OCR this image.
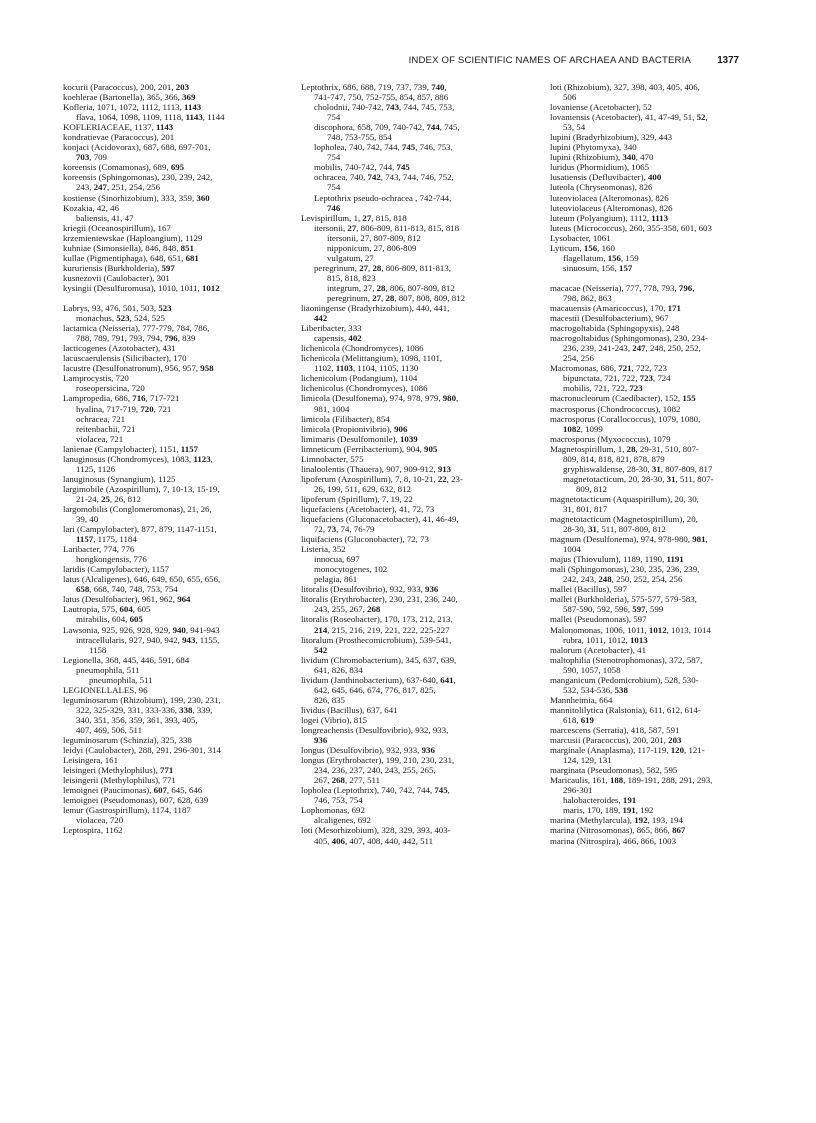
INDEX OF SCIENTIFIC NAMES OF ARCHAEA AND BACTERIA	1377
kocurii (Paracoccus), 200, 201, 203
koehlerae (Bartonella), 365, 366, 369
Kofleria, 1071, 1072, 1112, 1113, 1143
flava, 1064, 1098, 1109, 1118, 1143, 1144
KOFLERIACEAE, 1137, 1143
kondratievae (Paracoccus), 201
konjaci (Acidovorax), 687, 688, 697-701,
703, 709
koreensis (Comamonas), 689, 695
koreensis (Sphingomonas), 230, 239, 242,
243, 247, 251, 254, 256
kostiense (Sinorhizobium), 333, 359, 360
Kozakia, 42, 46
baliensis, 41, 47
kriegii (Oceanospirillum), 167
krzemieniewskae (Haploangium), 1129
kuhniae (Simonsiella), 846, 848, 851
kullae (Pigmentiphaga), 648, 651, 681
kururiensis (Burkholderia), 597
kusnezovii (Caulobacter), 301
kysingii (Desulfuromusa), 1010, 1011, 1012
Labrys, 93, 476, 501, 503, 523
monachus, 523, 524, 525
lactamica (Neisseria), 777-779, 784, 786,
788, 789, 791, 793, 794, 796, 839
lacticogenes (Azotobacter), 431
lacuscaerulensis (Silicibacter), 170
lacustre (Desulfonatronum), 956, 957, 958
Lamprocystis, 720
roseopersicina, 720
Lampropedia, 686, 716, 717-721
hyalina, 717-719, 720, 721
ochracea, 721
reitenbachii, 721
violacea, 721
lanienae (Campylobacter), 1151, 1157
lanuginosus (Chondromyces), 1083, 1123,
1125, 1126
lanuginosus (Synangium), 1125
largimobile (Azospirillum), 7, 10-13, 15-19,
21-24, 25, 26, 812
largomobilis (Conglomeromonas), 21, 26,
39, 40
lari (Campylobacter), 877, 879, 1147-1151,
1157, 1175, 1184
Laribacter, 774, 776
hongkongensis, 776
laridis (Campylobacter), 1157
latus (Alcaligenes), 646, 649, 650, 655, 656,
658, 668, 740, 748, 753, 754
latus (Desulfobacter), 961, 962, 964
Lautropia, 575, 604, 605
mirabilis, 604, 605
Lawsonia, 925, 926, 928, 929, 940, 941-943
intracellularis, 927, 940, 942, 943, 1155,
1158
Legionella, 368, 445, 446, 591, 684
pneumophila, 511
pneumophila, 511
LEGIONELLALES, 96
leguminosarum (Rhizobium), 199, 230, 231,
322, 325-329, 331, 333-336, 338, 339,
340, 351, 356, 359, 361, 393, 405,
407, 469, 506, 511
leguminosarum (Schinzia), 325, 338
leidyi (Caulobacter), 288, 291, 296-301, 314
Leisingera, 161
leisingeri (Methylophilus), 771
leisingerii (Methylophilus), 771
lemoignei (Paucimonas), 607, 645, 646
lemoignei (Pseudomonas), 607, 628, 639
lemur (Gastrospirillum), 1174, 1187
violacea, 720
Leptospira, 1162
Leptothrix, 686, 688, 719, 737, 739, 740,
741-747, 750, 752-755, 854, 857, 886
cholodnii, 740-742, 743, 744, 745, 753,
754
discophora, 658, 709, 740-742, 744, 745,
748, 753-755, 854
lopholea, 740, 742, 744, 745, 746, 753,
754
mobilis, 740-742, 744, 745
ochracea, 740, 742, 743, 744, 746, 752,
754
Leptothrix pseudo-ochracea , 742-744,
746
Levispirillum, 1, 27, 815, 818
itersonii, 27, 806-809, 811-813, 815, 818
itersonii, 27, 807-809, 812
nipponicum, 27, 806-809
vulgatum, 27
peregrinum, 27, 28, 806-809, 811-813,
815, 818, 823
integrum, 27, 28, 806, 807-809, 812
peregrinum, 27, 28, 807, 808, 809, 812
liaoningense (Bradyrhizobium), 440, 441,
442
Liberibacter, 333
capensis, 402
lichenicola (Chondromyces), 1086
lichenicola (Melittangium), 1098, 1101,
1102, 1103, 1104, 1105, 1130
lichenicolum (Podangium), 1104
lichenicolus (Chondromyces), 1086
limicola (Desulfonema), 974, 978, 979, 980,
981, 1004
limicola (Filibacter), 854
limicola (Propionivibrio), 906
limimaris (Desulfomonile), 1039
limneticum (Ferribacterium), 904, 905
Limnobacter, 575
linaloolentis (Thauera), 907, 909-912, 913
lipoferum (Azospirillum), 7, 8, 10-21, 22, 23-
26, 199, 511, 629, 632, 812
lipoferum (Spirillum), 7, 19, 22
liquefaciens (Acetobacter), 41, 72, 73
liquefaciens (Gluconacetobacter), 41, 46-49,
72, 73, 74, 76-79
liquifaciens (Gluconobacter), 72, 73
Listeria, 352
innocua, 697
monocytogenes, 102
pelagia, 861
litoralis (Desulfovibrio), 932, 933, 936
litoralis (Erythrobacter), 230, 231, 236, 240,
243, 255, 267, 268
litoralis (Roseobacter), 170, 173, 212, 213,
214, 215, 216, 219, 221, 222, 225-227
litoralum (Prosthecomicrobium), 539-541,
542
lividum (Chromobacterium), 345, 637, 639,
641, 826, 834
lividum (Janthinobacterium), 637-640, 641,
642, 645, 646, 674, 776, 817, 825,
826, 835
lividus (Bacillus), 637, 641
logei (Vibrio), 815
longreachensis (Desulfovibrio), 932, 933,
936
longus (Desulfovibrio), 932, 933, 936
longus (Erythrobacter), 199, 210, 230, 231,
234, 236, 237, 240, 243, 255, 265,
267, 268, 277, 511
lopholea (Leptothrix), 740, 742, 744, 745,
746, 753, 754
Lophomonas, 692
alcaligenes, 692
loti (Mesorhizobium), 328, 329, 393, 403-
405, 406, 407, 408, 440, 442, 511
loti (Rhizobium), 327, 398, 403, 405, 406,
506
lovaniense (Acetobacter), 52
lovaniensis (Acetobacter), 41, 47-49, 51, 52,
53, 54
lupini (Bradyrhizobium), 329, 443
lupini (Phytomyxa), 340
lupini (Rhizobium), 340, 470
luridus (Phormidium), 1065
lusatiensis (Defluvibacter), 400
luteola (Chryseomonas), 826
luteoviolacea (Alteromonas), 826
luteoviolaceus (Alteromonas), 826
luteum (Polyangium), 1112, 1113
luteus (Micrococcus), 260, 355-358, 601, 603
Lysobacter, 1061
Lyticum, 156, 160
flagellatum, 156, 159
sinuosum, 156, 157
macacae (Neisseria), 777, 778, 793, 796,
798, 862, 863
macauensis (Amaricoccus), 170, 171
macestii (Desulfobacterium), 967
macrogoltabida (Sphingopyxis), 248
macrogoltabidus (Sphingomonas), 230, 234-
236, 239, 241-243, 247, 248, 250, 252,
254, 256
Macromonas, 686, 721, 722, 723
bipunctata, 721, 722, 723, 724
mobilis, 721, 722, 723
macronucleorum (Caedibacter), 152, 155
macrosporus (Chondrococcus), 1082
macrosporus (Corallococcus), 1079, 1080,
1082, 1099
macrosporus (Myxococcus), 1079
Magnetospirillum, 1, 28, 29-31, 510, 807-
809, 814, 818, 821, 878, 879
gryphiswaldense, 28-30, 31, 807-809, 817
magnetotacticum, 20, 28-30, 31, 511, 807-
809, 812
magnetotacticum (Aquaspirillum), 20, 30,
31, 801, 817
magnetotacticum (Magnetospirillum), 20,
28-30, 31, 511, 807-809, 812
magnum (Desulfonema), 974, 978-980, 981,
1004
majus (Thiovulum), 1189, 1190, 1191
mali (Sphingomonas), 230, 235, 236, 239,
242, 243, 248, 250, 252, 254, 256
mallei (Bacillus), 597
mallei (Burkholderia), 575-577, 579-583,
587-590, 592, 596, 597, 599
mallei (Pseudomonas), 597
Malonomonas, 1006, 1011, 1012, 1013, 1014
rubra, 1011, 1012, 1013
malorum (Acetobacter), 41
maltophilia (Stenotrophomonas), 372, 587,
590, 1057, 1058
manganicum (Pedomicrobium), 528, 530-
532, 534-536, 538
Mannheimia, 664
mannitolilytica (Ralstonia), 611, 612, 614-
618, 619
marcescens (Serratia), 418, 587, 591
marcusii (Paracoccus), 200, 201, 203
marginale (Anaplasma), 117-119, 120, 121-
124, 129, 131
marginata (Pseudomonas), 582, 595
Maricaulis, 161, 188, 189-191, 288, 291, 293,
296-301
halobacteroides, 191
maris, 170, 189, 191, 192
marina (Methylarcula), 192, 193, 194
marina (Nitrosomonas), 865, 866, 867
marina (Nitrospira), 466, 866, 1003
